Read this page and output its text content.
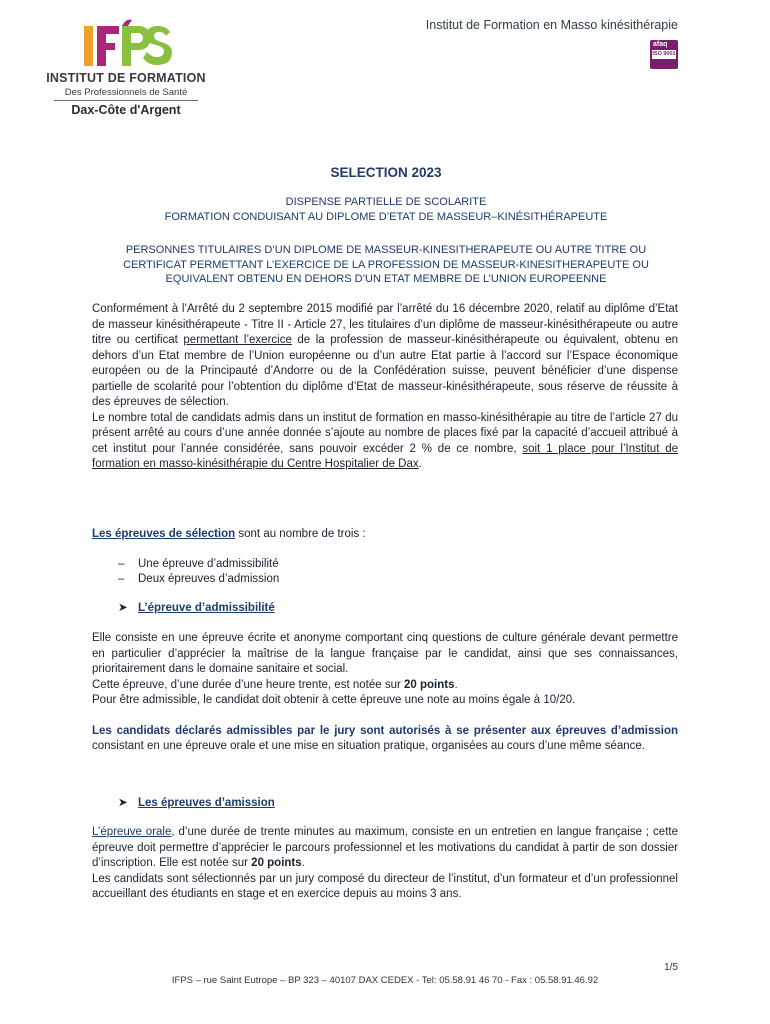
INSTITUT DE FORMATION
Des Professionnels de Santé
Dax-Côte d'Argent
Institut de Formation en Masso kinésithérapie
afaq
ISO 9001
SELECTION 2023
DISPENSE PARTIELLE DE SCOLARITE
FORMATION CONDUISANT AU DIPLOME D’ETAT DE MASSEUR–KINÉSITHÉRAPEUTE
PERSONNES TITULAIRES D’UN DIPLOME DE MASSEUR-KINESITHERAPEUTE OU AUTRE TITRE OU
CERTIFICAT PERMETTANT L’EXERCICE DE LA PROFESSION DE MASSEUR-KINESITHERAPEUTE OU
EQUIVALENT OBTENU EN DEHORS D’UN ETAT MEMBRE DE L’UNION EUROPEENNE

Conformément à l’Arrêté du 2 septembre 2015 modifié par l’arrêté du 16 décembre 2020, relatif au diplôme d’Etat de masseur kinésithérapeute - Titre II - Article 27, les titulaires d’un diplôme de masseur-kinésithérapeute ou autre titre ou certificat permettant l’exercice de la profession de masseur-kinésithérapeute ou équivalent, obtenu en dehors d’un Etat membre de l’Union européenne ou d’un autre Etat partie à l’accord sur l’Espace économique européen ou de la Principauté d’Andorre ou de la Confédération suisse, peuvent bénéficier d’une dispense partielle de scolarité pour l’obtention du diplôme d’Etat de masseur-kinésithérapeute, sous réserve de réussite à des épreuves de sélection.

Le nombre total de candidats admis dans un institut de formation en masso-kinésithérapie au titre de l’article 27 du présent arrêté au cours d’une année donnée s’ajoute au nombre de places fixé par la capacité d’accueil attribué à cet institut pour l’année considérée, sans pouvoir excéder 2 % de ce nombre, soit 1 place pour l’Institut de formation en masso-kinésithérapie du Centre Hospitalier de Dax.

Les épreuves de sélection sont au nombre de trois :
– Une épreuve d’admissibilité
– Deux épreuves d’admission
➤ L’épreuve d’admissibilité

Elle consiste en une épreuve écrite et anonyme comportant cinq questions de culture générale devant permettre en particulier d’apprécier la maîtrise de la langue française par le candidat, ainsi que ses connaissances, prioritairement dans le domaine sanitaire et social.

Cette épreuve, d’une durée d’une heure trente, est notée sur 20 points.

Pour être admissible, le candidat doit obtenir à cette épreuve une note au moins égale à 10/20.

Les candidats déclarés admissibles par le jury sont autorisés à se présenter aux épreuves d’admission consistant en une épreuve orale et une mise en situation pratique, organisées au cours d’une même séance.

➤ Les épreuves d’amission

L’épreuve orale, d’une durée de trente minutes au maximum, consiste en un entretien en langue française ; cette épreuve doit permettre d’apprécier le parcours professionnel et les motivations du candidat à partir de son dossier d’inscription. Elle est notée sur 20 points.

Les candidats sont sélectionnés par un jury composé du directeur de l’institut, d’un formateur et d’un professionnel accueillant des étudiants en stage et en exercice depuis au moins 3 ans.

1/5
IFPS – rue Saint Eutrope – BP 323 – 40107 DAX CEDEX - Tel: 05.58.91 46 70 - Fax : 05.58.91.46.92
